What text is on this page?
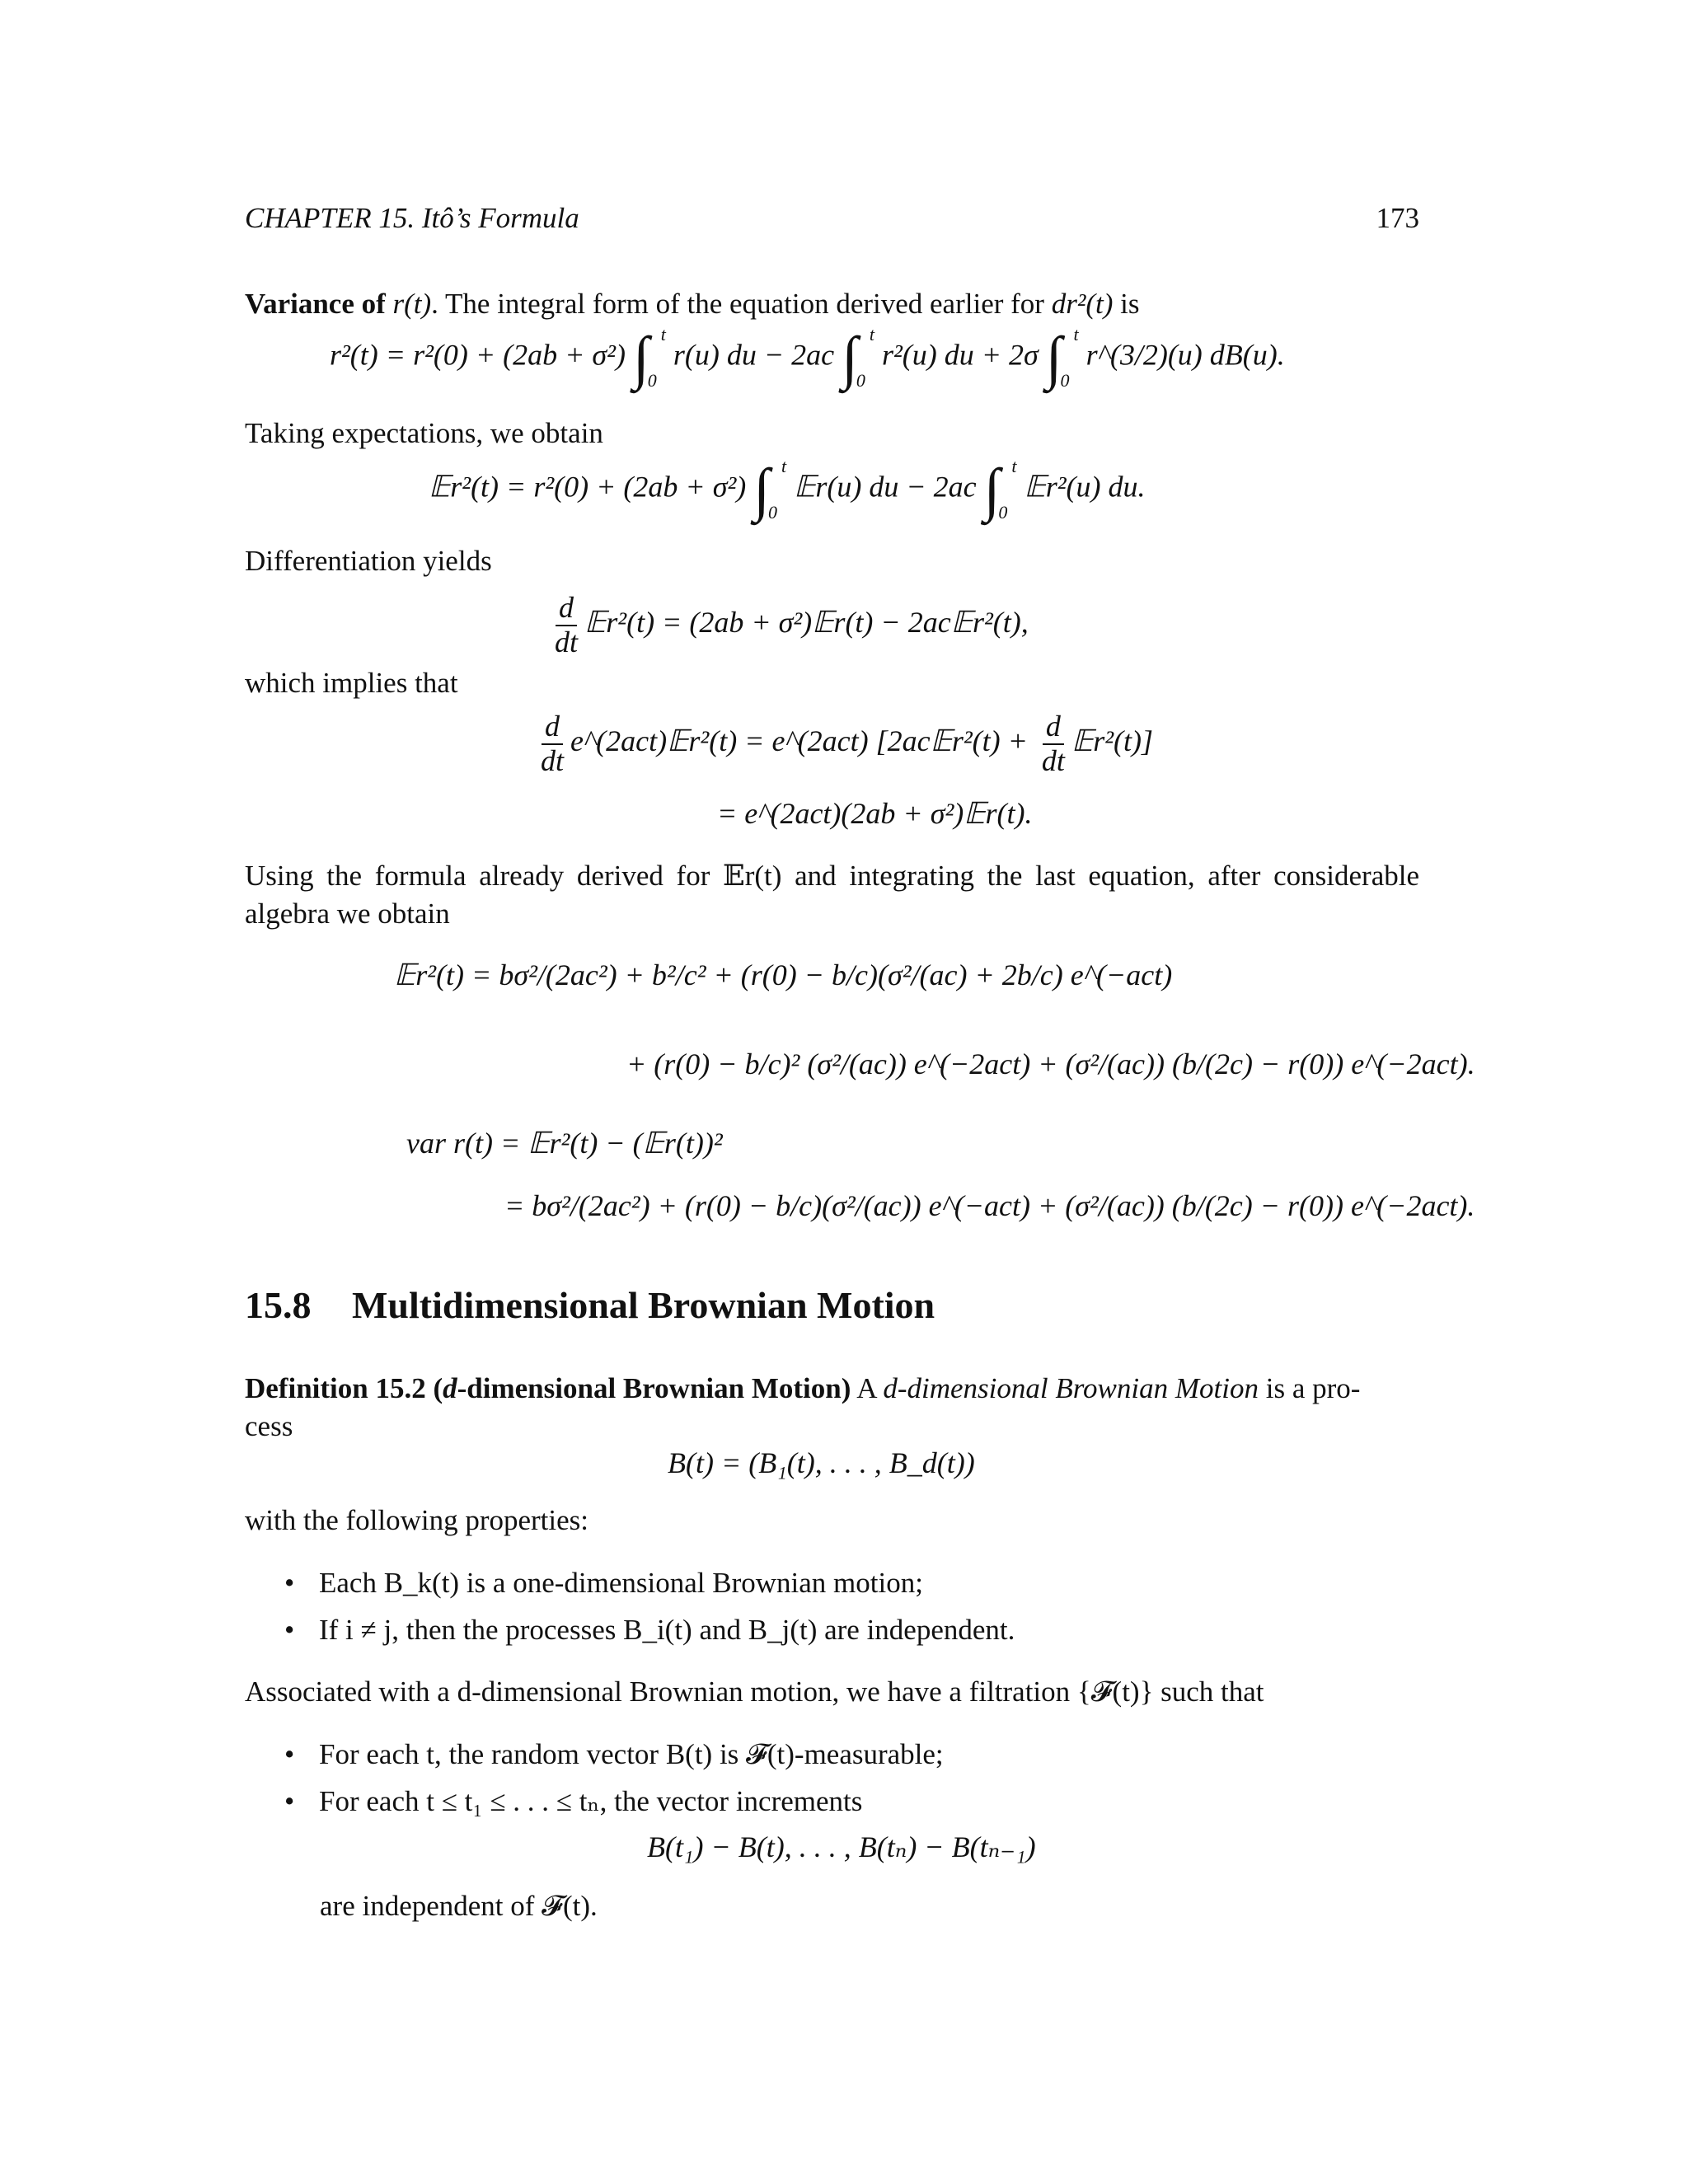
CHAPTER 15. Itô’s Formula	173
Variance of r(t). The integral form of the equation derived earlier for dr²(t) is
r²(t) = r²(0) + (2ab + σ²) ∫ t
0
r(u) du − 2ac ∫ t
0
r²(u) du + 2σ ∫ t
0
r^(3/2)(u) dB(u).
Taking expectations, we obtain
𝔼r²(t) = r²(0) + (2ab + σ²) ∫ t
0
𝔼r(u) du − 2ac ∫ t
0
𝔼r²(u) du.
Differentiation yields
$\frac{d}{dt}$ 𝔼r²(t) = (2ab + σ²)𝔼r(t) − 2ac𝔼r²(t),
which implies that
$\frac{d}{dt}$ e^(2act)𝔼r²(t) = e^(2act) [2ac𝔼r²(t) + $\frac{d}{dt}$ 𝔼r²(t)]
= e^(2act)(2ab + σ²)𝔼r(t).
Using the formula already derived for 𝔼r(t) and integrating the last equation, after considerable algebra we obtain
𝔼r²(t) = bσ²/(2ac²) + b²/c² + (r(0) − b/c)(σ²/(ac) + 2b/c) e^(−act)
+ (r(0) − b/c)² (σ²/(ac)) e^(−2act) + (σ²/(ac)) (b/(2c) − r(0)) e^(−2act).
var r(t) = 𝔼r²(t) − (𝔼r(t))²
= bσ²/(2ac²) + (r(0) − b/c)(σ²/(ac)) e^(−act) + (σ²/(ac)) (b/(2c) − r(0)) e^(−2act).
15.8 Multidimensional Brownian Motion
Definition 15.2 (d-dimensional Brownian Motion) A d-dimensional Brownian Motion is a pro-
cess
B(t) = (B₁(t), . . . , B_d(t))
with the following properties:
• Each B_k(t) is a one-dimensional Brownian motion;
• If i ≠ j, then the processes B_i(t) and B_j(t) are independent.
Associated with a d-dimensional Brownian motion, we have a filtration {𝓕(t)} such that
• For each t, the random vector B(t) is 𝓕(t)-measurable;
• For each t ≤ t₁ ≤ . . . ≤ tₙ, the vector increments
B(t₁) − B(t), . . . , B(tₙ) − B(tₙ₋₁)
are independent of 𝓕(t).
